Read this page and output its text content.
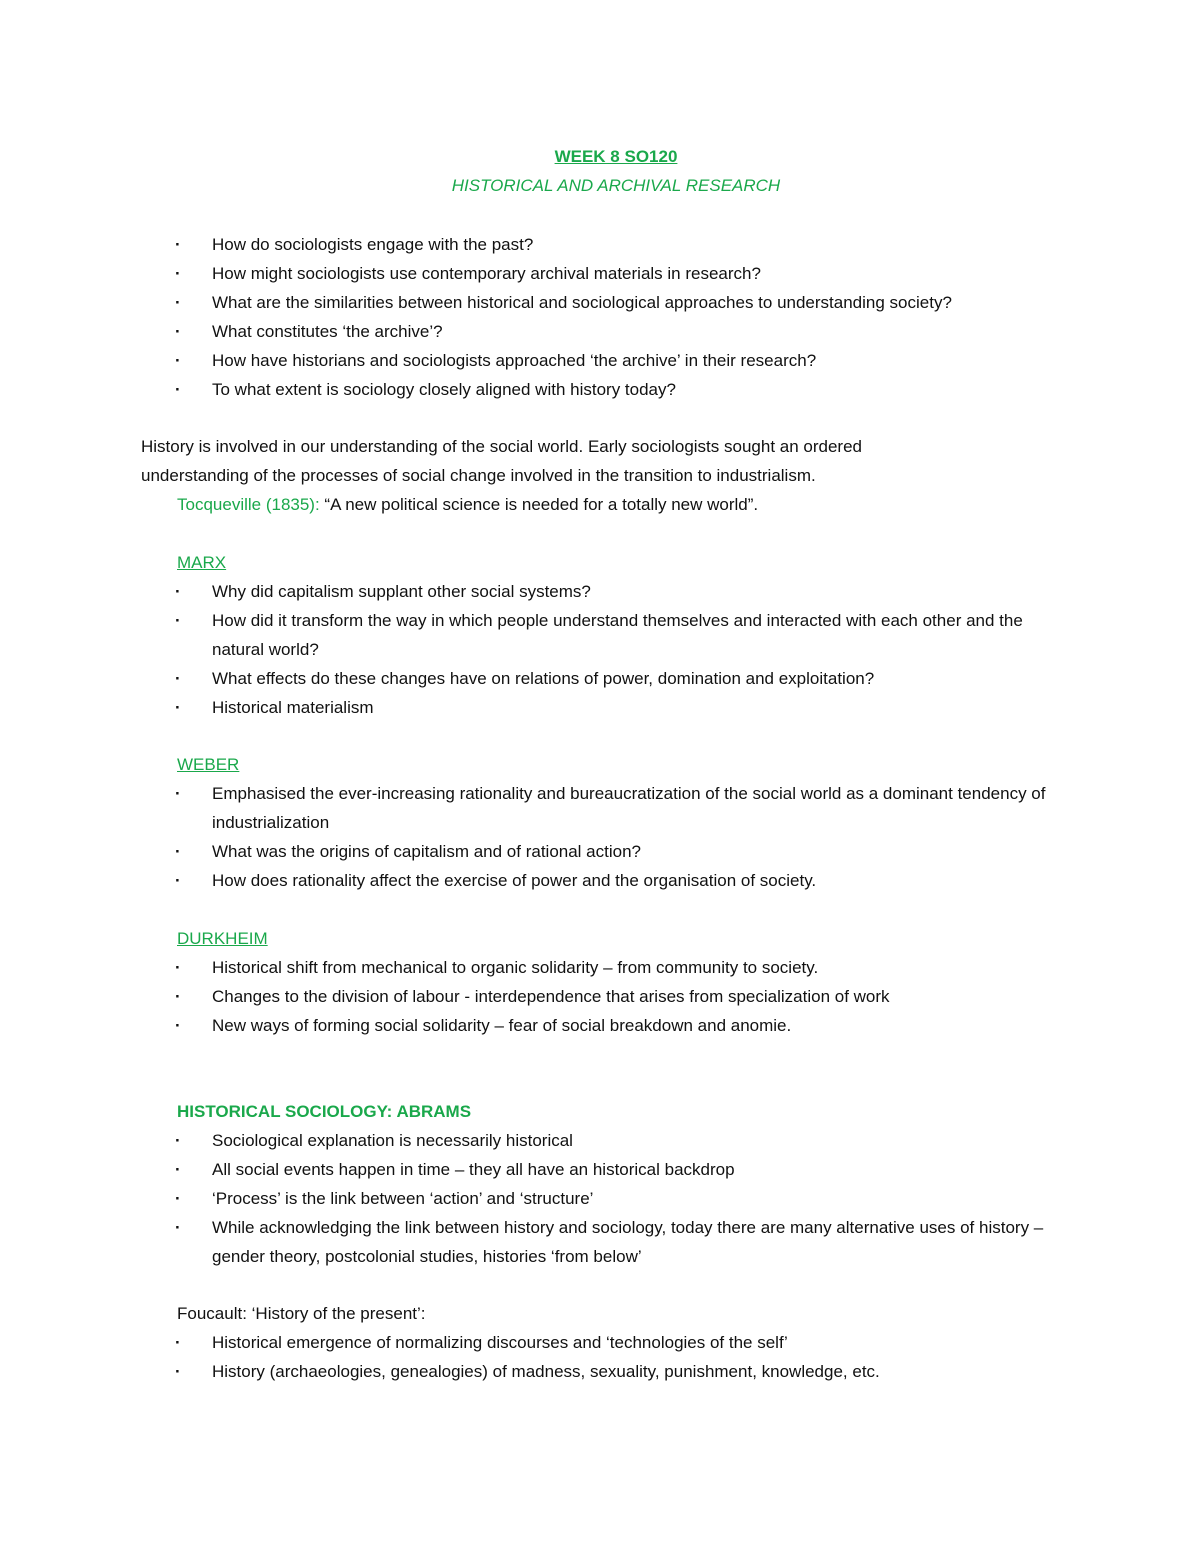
WEEK 8 SO120
HISTORICAL AND ARCHIVAL RESEARCH
· How do sociologists engage with the past?
· How might sociologists use contemporary archival materials in research?
· What are the similarities between historical and sociological approaches to understanding society?
· What constitutes ‘the archive’?
· How have historians and sociologists approached ‘the archive’ in their research?
· To what extent is sociology closely aligned with history today?
History is involved in our understanding of the social world. Early sociologists sought an ordered understanding of the processes of social change involved in the transition to industrialism.
Tocqueville (1835): “A new political science is needed for a totally new world”.
MARX
· Why did capitalism supplant other social systems?
· How did it transform the way in which people understand themselves and interacted with each other and the natural world?
· What effects do these changes have on relations of power, domination and exploitation?
· Historical materialism
WEBER
· Emphasised the ever-increasing rationality and bureaucratization of the social world as a dominant tendency of industrialization
· What was the origins of capitalism and of rational action?
· How does rationality affect the exercise of power and the organisation of society.
DURKHEIM
· Historical shift from mechanical to organic solidarity – from community to society.
· Changes to the division of labour - interdependence that arises from specialization of work
· New ways of forming social solidarity – fear of social breakdown and anomie.
HISTORICAL SOCIOLOGY: ABRAMS
· Sociological explanation is necessarily historical
· All social events happen in time – they all have an historical backdrop
· ‘Process’ is the link between ‘action’ and ‘structure’
· While acknowledging the link between history and sociology, today there are many alternative uses of history – gender theory, postcolonial studies, histories ‘from below’
Foucault: ‘History of the present’:
· Historical emergence of normalizing discourses and ‘technologies of the self’
· History (archaeologies, genealogies) of madness, sexuality, punishment, knowledge, etc.
